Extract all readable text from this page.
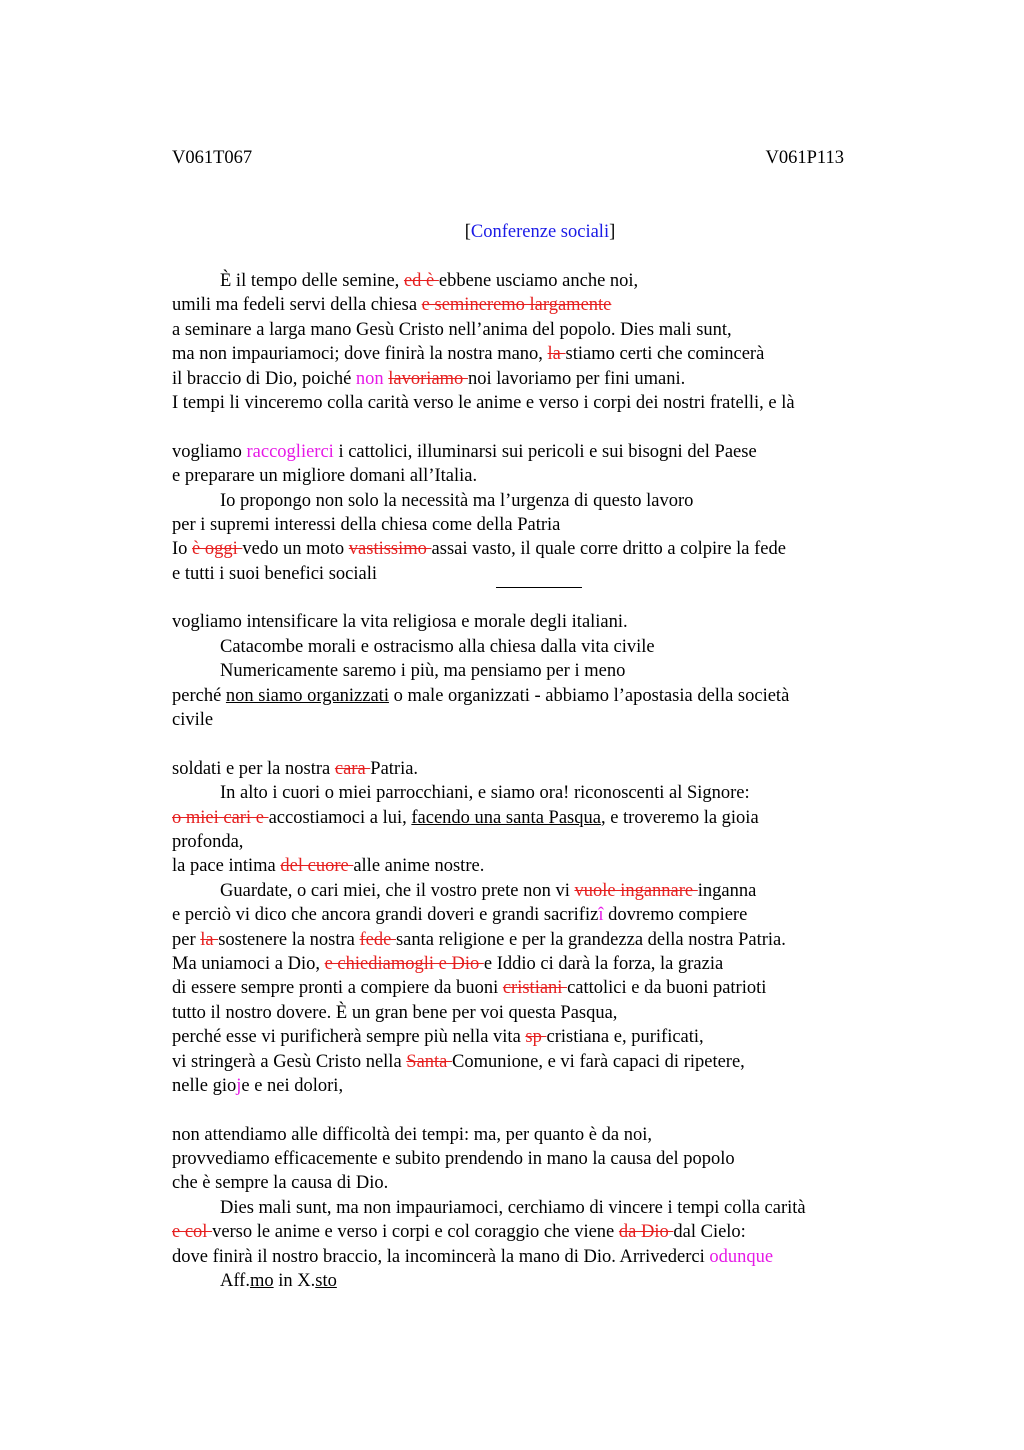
V061T067	V061P113
[Conferenze sociali]
È il tempo delle semine, ed è ebbene usciamo anche noi,
umili ma fedeli servi della chiesa e semineremo largamente
a seminare a larga mano Gesù Cristo nell’anima del popolo. Dies mali sunt,
ma non impauriamoci; dove finirà la nostra mano, la stiamo certi che comincerà
il braccio di Dio, poiché non lavoriamo noi lavoriamo per fini umani.
I tempi li vinceremo colla carità verso le anime e verso i corpi dei nostri fratelli, e là
vogliamo raccoglierci i cattolici, illuminarsi sui pericoli e sui bisogni del Paese
e preparare un migliore domani all’Italia.
Io propongo non solo la necessità ma l’urgenza di questo lavoro
per i supremi interessi della chiesa come della Patria
Io è oggi vedo un moto vastissimo assai vasto, il quale corre dritto a colpire la fede
e tutti i suoi benefici sociali
vogliamo intensificare la vita religiosa e morale degli italiani.
Catacombe morali e ostracismo alla chiesa dalla vita civile
Numericamente saremo i più, ma pensiamo per i meno
perché non siamo organizzati o male organizzati - abbiamo l’apostasia della società
civile
soldati e per la nostra cara Patria.
In alto i cuori o miei parrocchiani, e siamo ora! riconoscenti al Signore:
o miei cari e accostiamoci a lui, facendo una santa Pasqua, e troveremo la gioia
profonda,
la pace intima del cuore alle anime nostre.
Guardate, o cari miei, che il vostro prete non vi vuole ingannare inganna
e perciò vi dico che ancora grandi doveri e grandi sacrifizî dovremo compiere
per la sostenere la nostra fede santa religione e per la grandezza della nostra Patria.
Ma uniamoci a Dio, e chiediamogli e Dio e Iddio ci darà la forza, la grazia
di essere sempre pronti a compiere da buoni cristiani cattolici e da buoni patrioti
tutto il nostro dovere. È un gran bene per voi questa Pasqua,
perché esse vi purificherà sempre più nella vita sp cristiana e, purificati,
vi stringerà a Gesù Cristo nella Santa Comunione, e vi farà capaci di ripetere,
nelle gioje e nei dolori,
non attendiamo alle difficoltà dei tempi: ma, per quanto è da noi,
provvediamo efficacemente e subito prendendo in mano la causa del popolo
che è sempre la causa di Dio.
Dies mali sunt, ma non impauriamoci, cerchiamo di vincere i tempi colla carità
e col verso le anime e verso i corpi e col coraggio che viene da Dio dal Cielo:
dove finirà il nostro braccio, la incomincerà la mano di Dio. Arrivederci odunque
Aff.mo in X.sto
